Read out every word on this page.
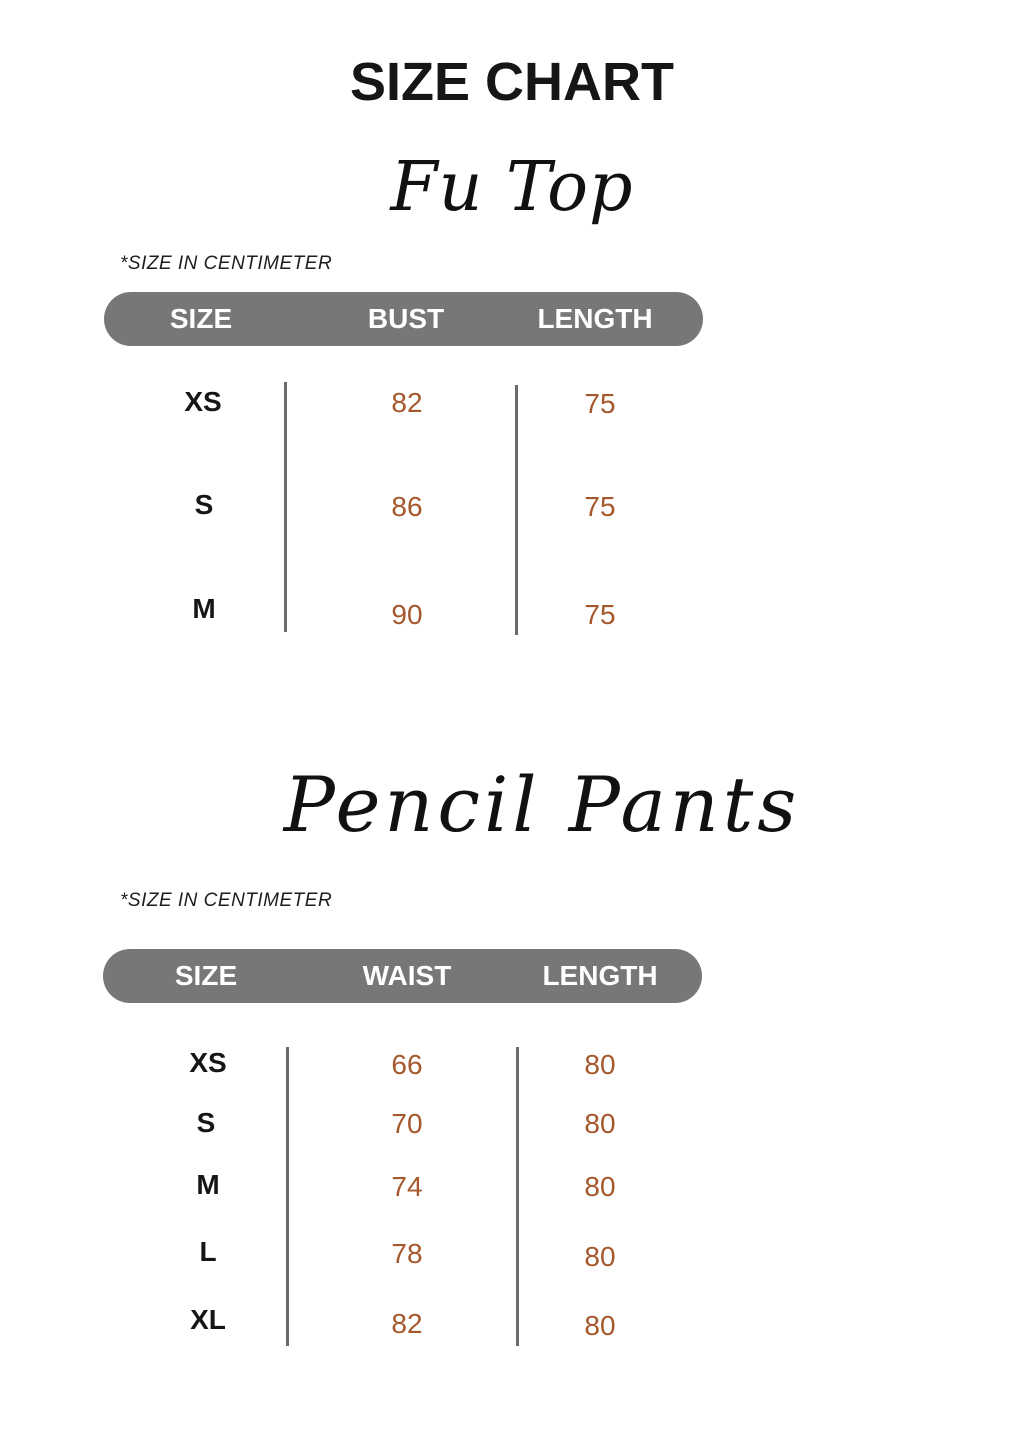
SIZE CHART
Fu Top
*SIZE IN CENTIMETER
SIZE	BUST	LENGTH
XS	82	75
S	86	75
M	90	75
Pencil Pants
*SIZE IN CENTIMETER
SIZE	WAIST	LENGTH
XS	66	80
S	70	80
M	74	80
L	78	80
XL	82	80
